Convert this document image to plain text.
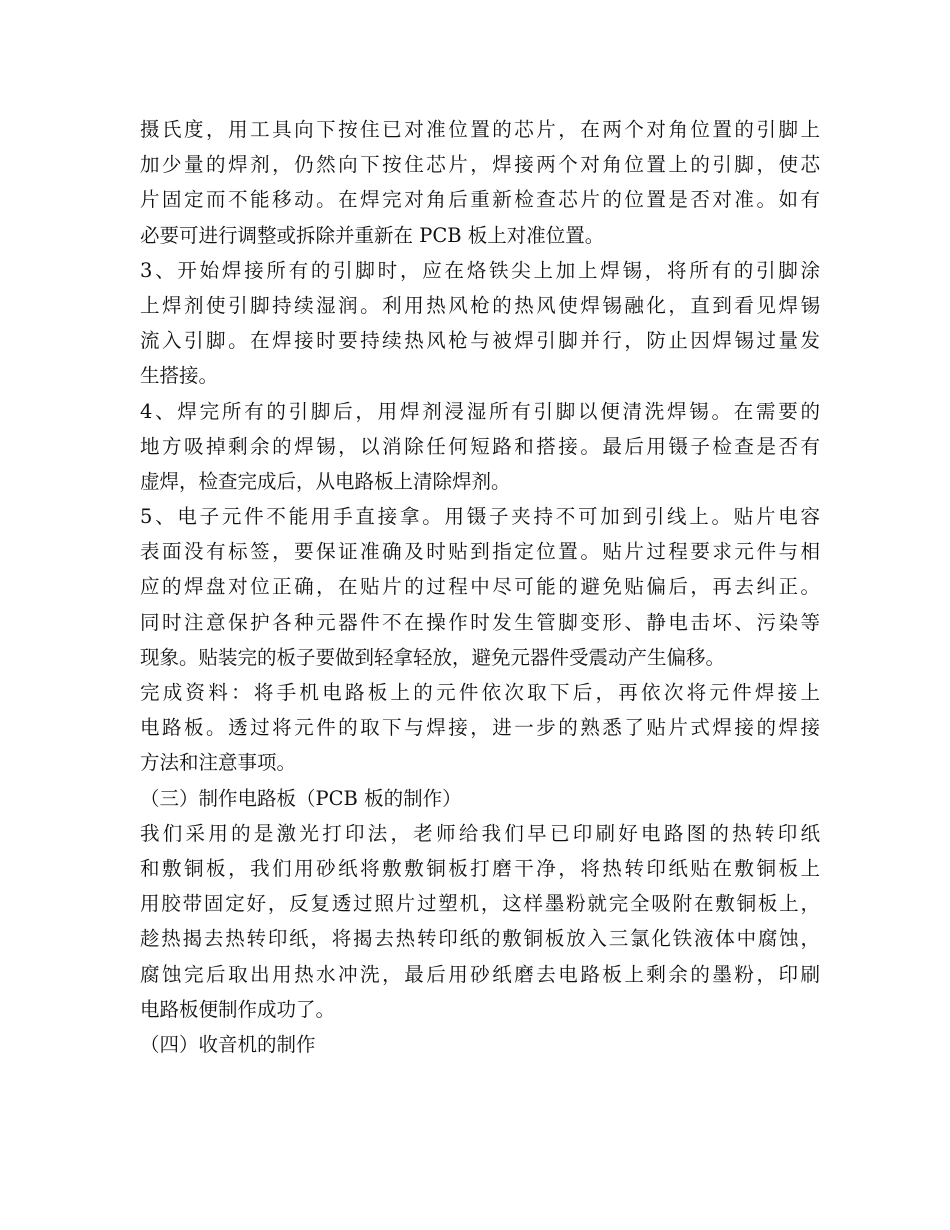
摄氏度，用工具向下按住已对准位置的芯片，在两个对角位置的引脚上
加少量的焊剂，仍然向下按住芯片，焊接两个对角位置上的引脚，使芯
片固定而不能移动。在焊完对角后重新检查芯片的位置是否对准。如有
必要可进行调整或拆除并重新在 PCB 板上对准位置。
3、开始焊接所有的引脚时，应在烙铁尖上加上焊锡，将所有的引脚涂
上焊剂使引脚持续湿润。利用热风枪的热风使焊锡融化，直到看见焊锡
流入引脚。在焊接时要持续热风枪与被焊引脚并行，防止因焊锡过量发
生搭接。
4、焊完所有的引脚后，用焊剂浸湿所有引脚以便清洗焊锡。在需要的
地方吸掉剩余的焊锡，以消除任何短路和搭接。最后用镊子检查是否有
虚焊，检查完成后，从电路板上清除焊剂。
5、电子元件不能用手直接拿。用镊子夹持不可加到引线上。贴片电容
表面没有标签，要保证准确及时贴到指定位置。贴片过程要求元件与相
应的焊盘对位正确，在贴片的过程中尽可能的避免贴偏后，再去纠正。
同时注意保护各种元器件不在操作时发生管脚变形、静电击坏、污染等
现象。贴装完的板子要做到轻拿轻放，避免元器件受震动产生偏移。
完成资料：将手机电路板上的元件依次取下后，再依次将元件焊接上
电路板。透过将元件的取下与焊接，进一步的熟悉了贴片式焊接的焊接
方法和注意事项。
（三）制作电路板（PCB 板的制作）
我们采用的是激光打印法，老师给我们早已印刷好电路图的热转印纸
和敷铜板，我们用砂纸将敷敷铜板打磨干净，将热转印纸贴在敷铜板上
用胶带固定好，反复透过照片过塑机，这样墨粉就完全吸附在敷铜板上，
趁热揭去热转印纸，将揭去热转印纸的敷铜板放入三氯化铁液体中腐蚀，
腐蚀完后取出用热水冲洗，最后用砂纸磨去电路板上剩余的墨粉，印刷
电路板便制作成功了。
（四）收音机的制作
